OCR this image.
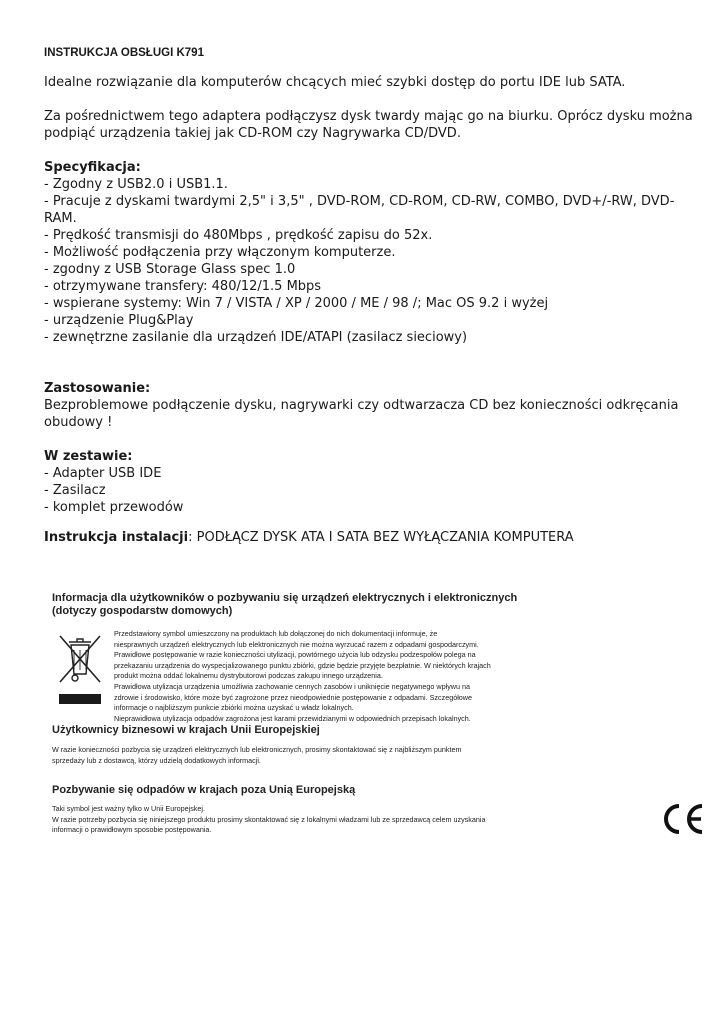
INSTRUKCJA OBSŁUGI K791
Idealne rozwiązanie dla komputerów chcących mieć szybki dostęp do portu IDE lub SATA.
Za pośrednictwem tego adaptera podłączysz dysk twardy mając go na biurku. Oprócz dysku można
podpiąć urządzenia takiej jak CD-ROM czy Nagrywarka CD/DVD.
Specyfikacja:
- Zgodny z USB2.0 i USB1.1.
- Pracuje z dyskami twardymi 2,5" i 3,5" , DVD-ROM, CD-ROM, CD-RW, COMBO, DVD+/-RW, DVD-
RAM.
- Prędkość transmisji do 480Mbps , prędkość zapisu do 52x.
- Możliwość podłączenia przy włączonym komputerze.
- zgodny z USB Storage Glass spec 1.0
- otrzymywane transfery: 480/12/1.5 Mbps
- wspierane systemy: Win 7 / VISTA / XP / 2000 / ME / 98 /; Mac OS 9.2 i wyżej
- urządzenie Plug&Play
- zewnętrzne zasilanie dla urządzeń IDE/ATAPI (zasilacz sieciowy)
Zastosowanie:
Bezproblemowe podłączenie dysku, nagrywarki czy odtwarzacza CD bez konieczności odkręcania
obudowy !
W zestawie:
- Adapter USB IDE
- Zasilacz
- komplet przewodów
Instrukcja instalacji: PODŁĄCZ DYSK ATA I SATA BEZ WYŁĄCZANIA KOMPUTERA
Informacja dla użytkowników o pozbywaniu się urządzeń elektrycznych i elektronicznych
(dotyczy gospodarstw domowych)
Przedstawiony symbol umieszczony na produktach lub dołączonej do nich dokumentacji informuje, że
niesprawnych urządzeń elektrycznych lub elektronicznych nie można wyrzucać razem z odpadami gospodarczymi.
Prawidłowe postępowanie w razie konieczności utylizacji, powtórnego użycia lub odzysku podzespołów polega na
przekazaniu urządzenia do wyspecjalizowanego punktu zbiórki, gdzie będzie przyjęte bezpłatnie. W niektórych krajach
produkt można oddać lokalnemu dystrybutorowi podczas zakupu innego urządzenia.
Prawidłowa utylizacja urządzenia umożliwia zachowanie cennych zasobów i uniknięcie negatywnego wpływu na
zdrowie i środowisko, które może być zagrożone przez nieodpowiednie postępowanie z odpadami. Szczegółowe
informacje o najbliższym punkcie zbiórki można uzyskać u władz lokalnych.
Nieprawidłowa utylizacja odpadów zagrożona jest karami przewidzianymi w odpowiednich przepisach lokalnych.
Użytkownicy biznesowi w krajach Unii Europejskiej
W razie konieczności pozbycia się urządzeń elektrycznych lub elektronicznych, prosimy skontaktować się z najbliższym punktem
sprzedaży lub z dostawcą, którzy udzielą dodatkowych informacji.
Pozbywanie się odpadów w krajach poza Unią Europejską
Taki symbol jest ważny tylko w Unii Europejskej.
W razie potrzeby pozbycia się niniejszego produktu prosimy skontaktować się z lokalnymi władzami lub ze sprzedawcą celem uzyskania
informacji o prawidłowym sposobie postępowania.
